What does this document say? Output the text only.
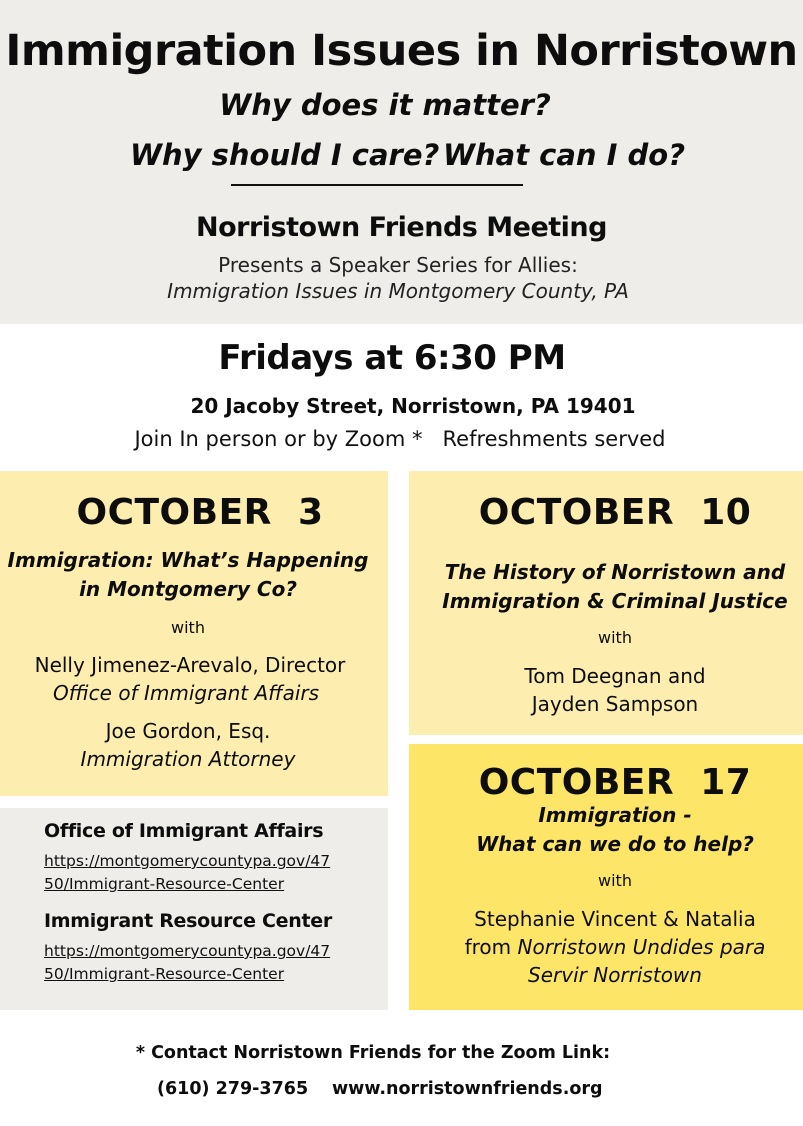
Immigration Issues in Norristown
Why does it matter?
Why should I care? What can I do?
Norristown Friends Meeting
Presents a Speaker Series for Allies:
Immigration Issues in Montgomery County, PA
Fridays at 6:30 PM
20 Jacoby Street, Norristown, PA 19401
Join In person or by Zoom *   Refreshments served
OCTOBER  3
Immigration: What’s Happening
in Montgomery Co?
with
Nelly Jimenez-Arevalo, Director
Office of Immigrant Affairs
Joe Gordon, Esq.
Immigration Attorney
OCTOBER  10
The History of Norristown and
Immigration & Criminal Justice
with
Tom Deegnan and
Jayden Sampson
OCTOBER  17
Immigration -
What can we do to help?
with
Stephanie Vincent & Natalia
from Norristown Undides para
Servir Norristown
Office of Immigrant Affairs
https://montgomerycountypa.gov/47
50/Immigrant-Resource-Center
Immigrant Resource Center
https://montgomerycountypa.gov/47
50/Immigrant-Resource-Center
* Contact Norristown Friends for the Zoom Link:
(610) 279-3765 www.norristownfriends.org
